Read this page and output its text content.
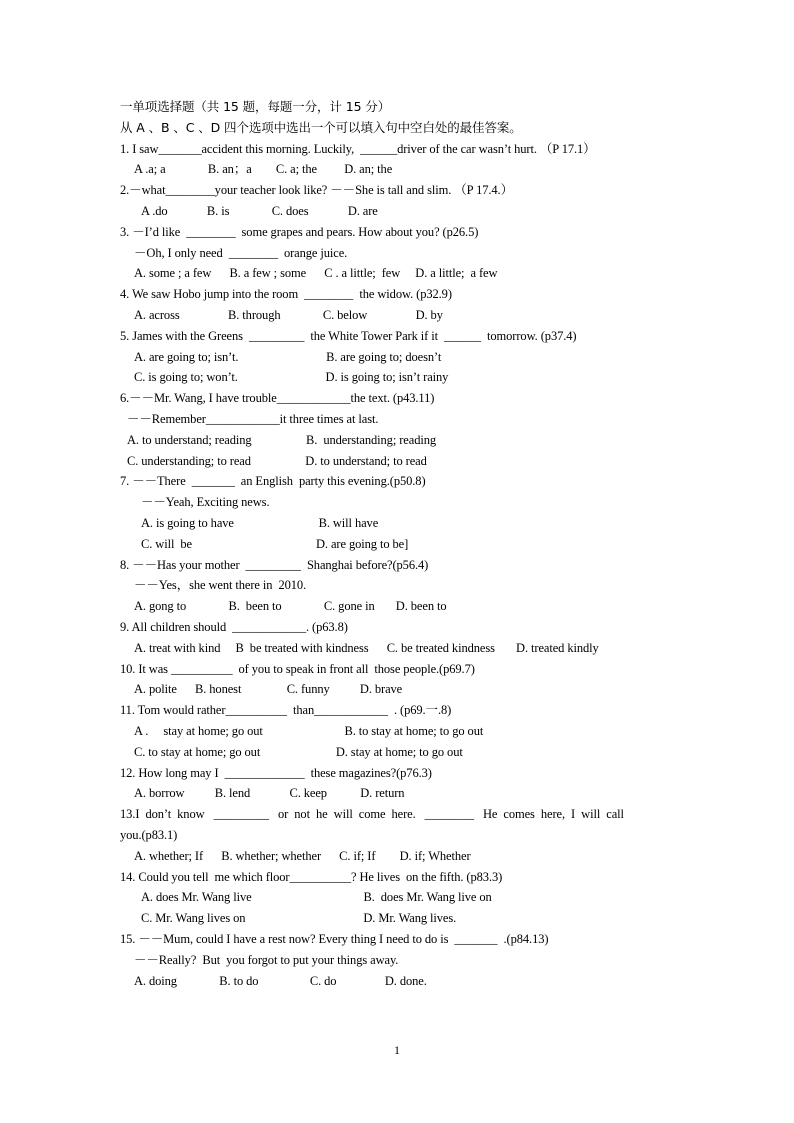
一单项选择题（共 15 题，每题一分，计 15 分）
从 A 、B 、C 、D 四个选项中选出一个可以填入句中空白处的最佳答案。
1. I saw_______accident this morning. Luckily,  ______driver of the car wasn’t hurt. （P 17.1）
A .a; a              B. an；a        C. a; the         D. an; the
2.－what________your teacher look like? －－She is tall and slim. （P 17.4.）
A .do             B. is              C. does             D. are
3. －I’d like  ________  some grapes and pears. How about you? (p26.5)
－Oh, I only need  ________  orange juice.
A. some ; a few      B. a few ; some      C . a little;  few     D. a little;  a few
4. We saw Hobo jump into the room  ________  the widow. (p32.9)
A. across                B. through              C. below                D. by
5. James with the Greens  _________  the White Tower Park if it  ______  tomorrow. (p37.4)
A. are going to; isn’t.                             B. are going to; doesn’t
C. is going to; won’t.                             D. is going to; isn’t rainy
6.－－Mr. Wang, I have trouble____________the text. (p43.11)
－－Remember____________it three times at last.
A. to understand; reading                  B.  understanding; reading
C. understanding; to read                  D. to understand; to read
7. －－There  _______  an English  party this evening.(p50.8)
－－Yeah, Exciting news.
A. is going to have                            B. will have
C. will  be                                         D. are going to be]
8. －－Has your mother  _________  Shanghai before?(p56.4)
－－Yes，she went there in  2010.
A. gong to              B.  been to              C. gone in       D. been to
9. All children should  ____________. (p63.8)
A. treat with kind     B  be treated with kindness      C. be treated kindness       D. treated kindly
10. It was __________  of you to speak in front all  those people.(p69.7)
A. polite      B. honest               C. funny          D. brave
11. Tom would rather__________  than____________  . (p69.一.8)
A .     stay at home; go out                           B. to stay at home; to go out
C. to stay at home; go out                         D. stay at home; to go out
12. How long may I  _____________  these magazines?(p76.3)
A. borrow          B. lend             C. keep           D. return
13.I  don’t  know   _________   or  not  he  will  come  here.   ________   He  comes  here,  I  will  call
you.(p83.1)
A. whether; If      B. whether; whether      C. if; If        D. if; Whether
14. Could you tell  me which floor__________? He lives  on the fifth. (p83.3)
A. does Mr. Wang live                                     B.  does Mr. Wang live on
C. Mr. Wang lives on                                       D. Mr. Wang lives.
15. －－Mum, could I have a rest now? Every thing I need to do is  _______  .(p84.13)
－－Really?  But  you forgot to put your things away.
A. doing              B. to do                 C. do                D. done.
1
